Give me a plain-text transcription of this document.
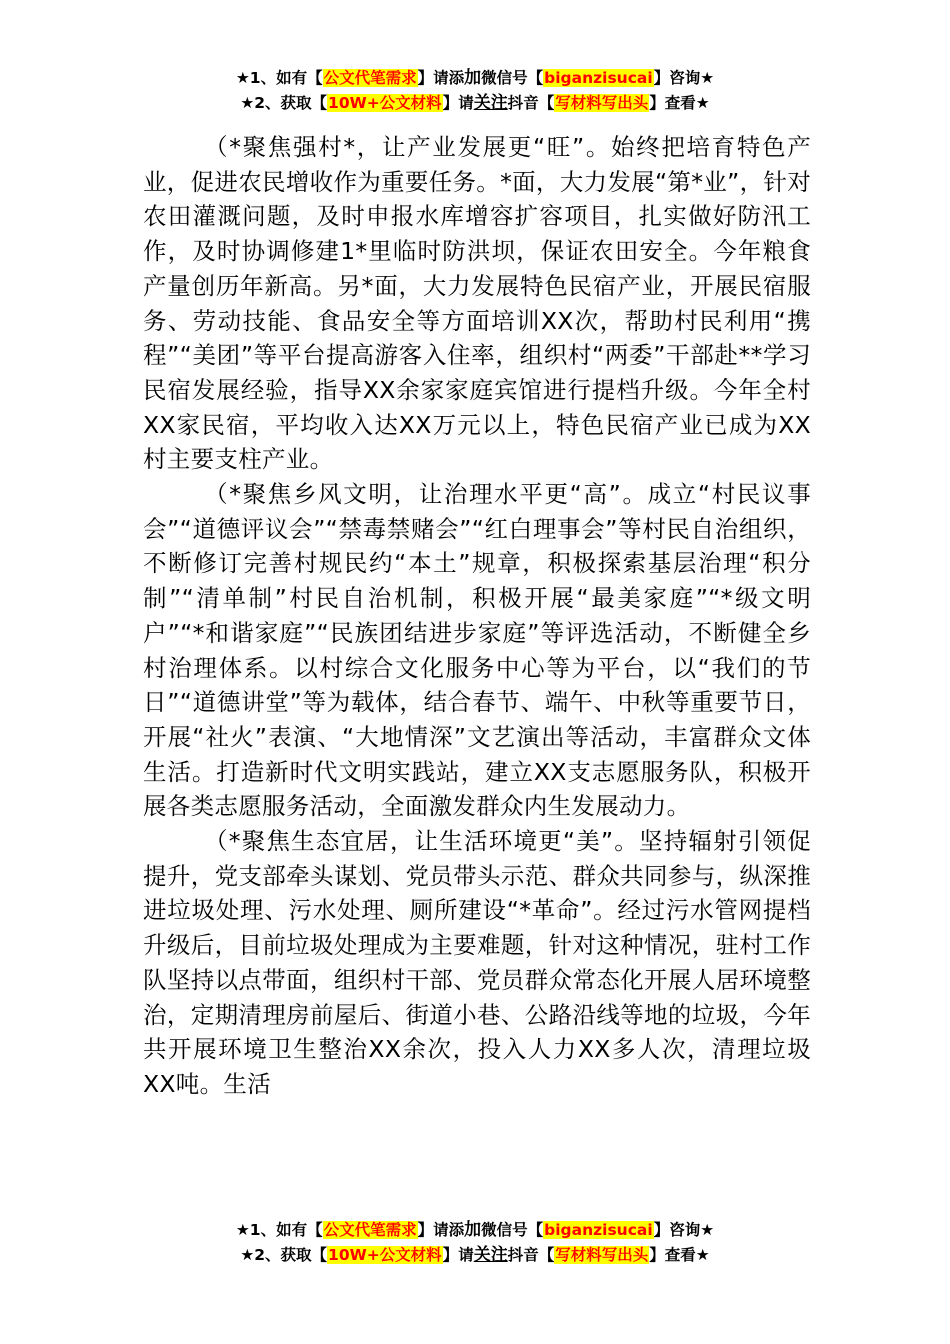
★1、如有【公文代笔需求】请添加微信号【biganzisucai】咨询★
★2、获取【10W+公文材料】请关注抖音【写材料写出头】查看★

（*聚焦强村*，让产业发展更“旺”。始终把培育特色产业，促进农民增收作为重要任务。*面，大力发展“第*业”，针对农田灌溉问题，及时申报水库增容扩容项目，扎实做好防汛工作，及时协调修建1*里临时防洪坝，保证农田安全。今年粮食产量创历年新高。另*面，大力发展特色民宿产业，开展民宿服务、劳动技能、食品安全等方面培训XX次，帮助村民利用“携程”“美团”等平台提高游客入住率，组织村“两委”干部赴**学习民宿发展经验，指导XX余家家庭宾馆进行提档升级。今年全村XX家民宿，平均收入达XX万元以上，特色民宿产业已成为XX村主要支柱产业。

（*聚焦乡风文明，让治理水平更“高”。成立“村民议事会”“道德评议会”“禁毒禁赌会”“红白理事会”等村民自治组织，不断修订完善村规民约“本土”规章，积极探索基层治理“积分制”“清单制”村民自治机制，积极开展“最美家庭”“*级文明户”“*和谐家庭”“民族团结进步家庭”等评选活动，不断健全乡村治理体系。以村综合文化服务中心等为平台，以“我们的节日”“道德讲堂”等为载体，结合春节、端午、中秋等重要节日，开展“社火”表演、“大地情深”文艺演出等活动，丰富群众文体生活。打造新时代文明实践站，建立XX支志愿服务队，积极开展各类志愿服务活动，全面激发群众内生发展动力。

（*聚焦生态宜居，让生活环境更“美”。坚持辐射引领促提升，党支部牵头谋划、党员带头示范、群众共同参与，纵深推进垃圾处理、污水处理、厕所建设“*革命”。经过污水管网提档升级后，目前垃圾处理成为主要难题，针对这种情况，驻村工作队坚持以点带面，组织村干部、党员群众常态化开展人居环境整治，定期清理房前屋后、街道小巷、公路沿线等地的垃圾，今年共开展环境卫生整治XX余次，投入人力XX多人次，清理垃圾XX吨。生活

★1、如有【公文代笔需求】请添加微信号【biganzisucai】咨询★
★2、获取【10W+公文材料】请关注抖音【写材料写出头】查看★
